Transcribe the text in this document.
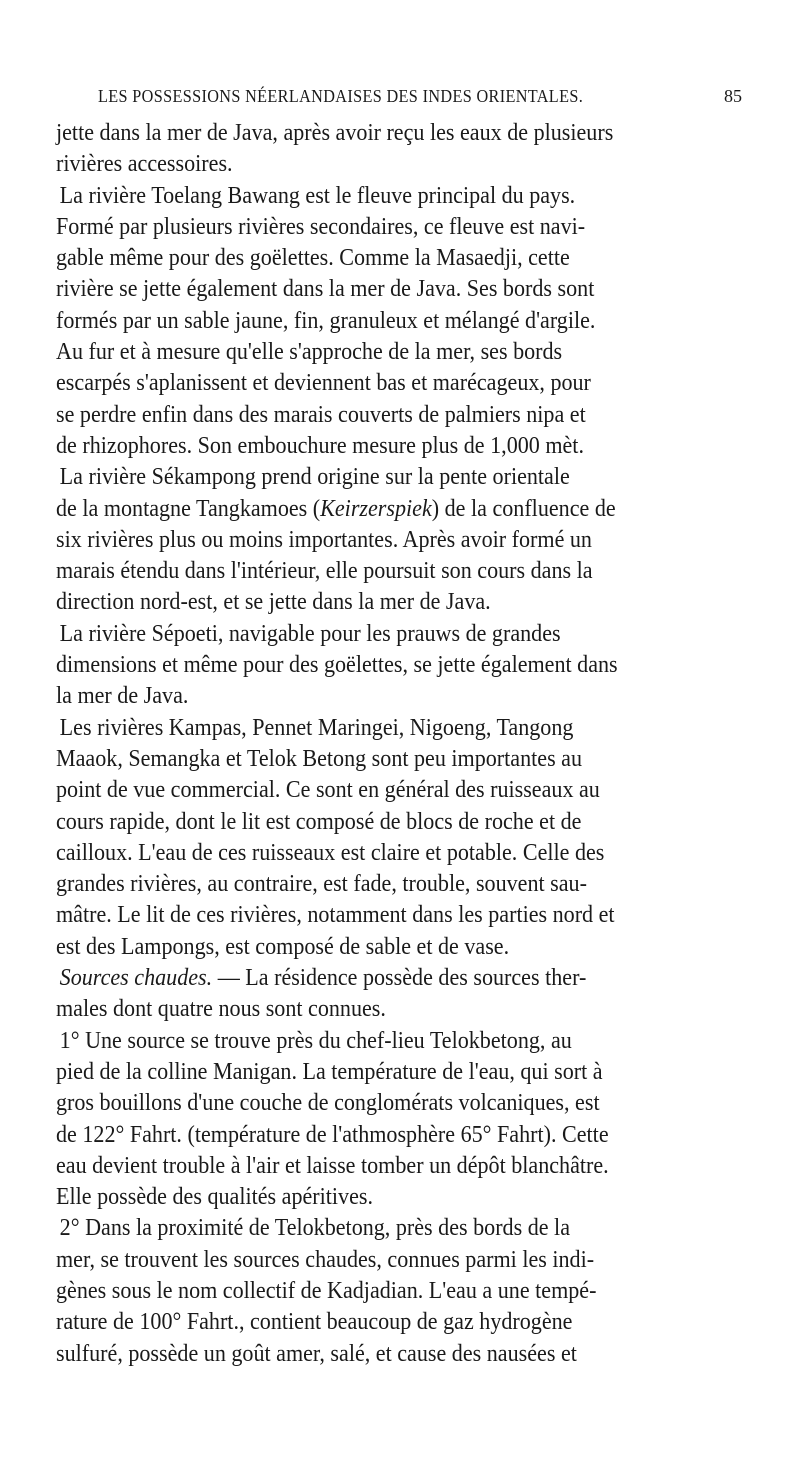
LES POSSESSIONS NÉERLANDAISES DES INDES ORIENTALES.	85
jette dans la mer de Java, après avoir reçu les eaux de plusieurs
rivières accessoires.
La rivière Toelang Bawang est le fleuve principal du pays.
Formé par plusieurs rivières secondaires, ce fleuve est navi-
gable même pour des goëlettes. Comme la Masaedji, cette
rivière se jette également dans la mer de Java. Ses bords sont
formés par un sable jaune, fin, granuleux et mélangé d'argile.
Au fur et à mesure qu'elle s'approche de la mer, ses bords
escarpés s'aplanissent et deviennent bas et marécageux, pour
se perdre enfin dans des marais couverts de palmiers nipa et
de rhizophores. Son embouchure mesure plus de 1,000 mèt.
La rivière Sékampong prend origine sur la pente orientale
de la montagne Tangkamoes (Keirzerspiek) de la confluence de
six rivières plus ou moins importantes. Après avoir formé un
marais étendu dans l'intérieur, elle poursuit son cours dans la
direction nord-est, et se jette dans la mer de Java.
La rivière Sépoeti, navigable pour les prauws de grandes
dimensions et même pour des goëlettes, se jette également dans
la mer de Java.
Les rivières Kampas, Pennet Maringei, Nigoeng, Tangong
Maaok, Semangka et Telok Betong sont peu importantes au
point de vue commercial. Ce sont en général des ruisseaux au
cours rapide, dont le lit est composé de blocs de roche et de
cailloux. L'eau de ces ruisseaux est claire et potable. Celle des
grandes rivières, au contraire, est fade, trouble, souvent sau-
mâtre. Le lit de ces rivières, notamment dans les parties nord et
est des Lampongs, est composé de sable et de vase.
Sources chaudes. — La résidence possède des sources ther-
males dont quatre nous sont connues.
1° Une source se trouve près du chef-lieu Telokbetong, au
pied de la colline Manigan. La température de l'eau, qui sort à
gros bouillons d'une couche de conglomérats volcaniques, est
de 122° Fahrt. (température de l'athmosphère 65° Fahrt). Cette
eau devient trouble à l'air et laisse tomber un dépôt blanchâtre.
Elle possède des qualités apéritives.
2° Dans la proximité de Telokbetong, près des bords de la
mer, se trouvent les sources chaudes, connues parmi les indi-
gènes sous le nom collectif de Kadjadian. L'eau a une tempé-
rature de 100° Fahrt., contient beaucoup de gaz hydrogène
sulfuré, possède un goût amer, salé, et cause des nausées et
